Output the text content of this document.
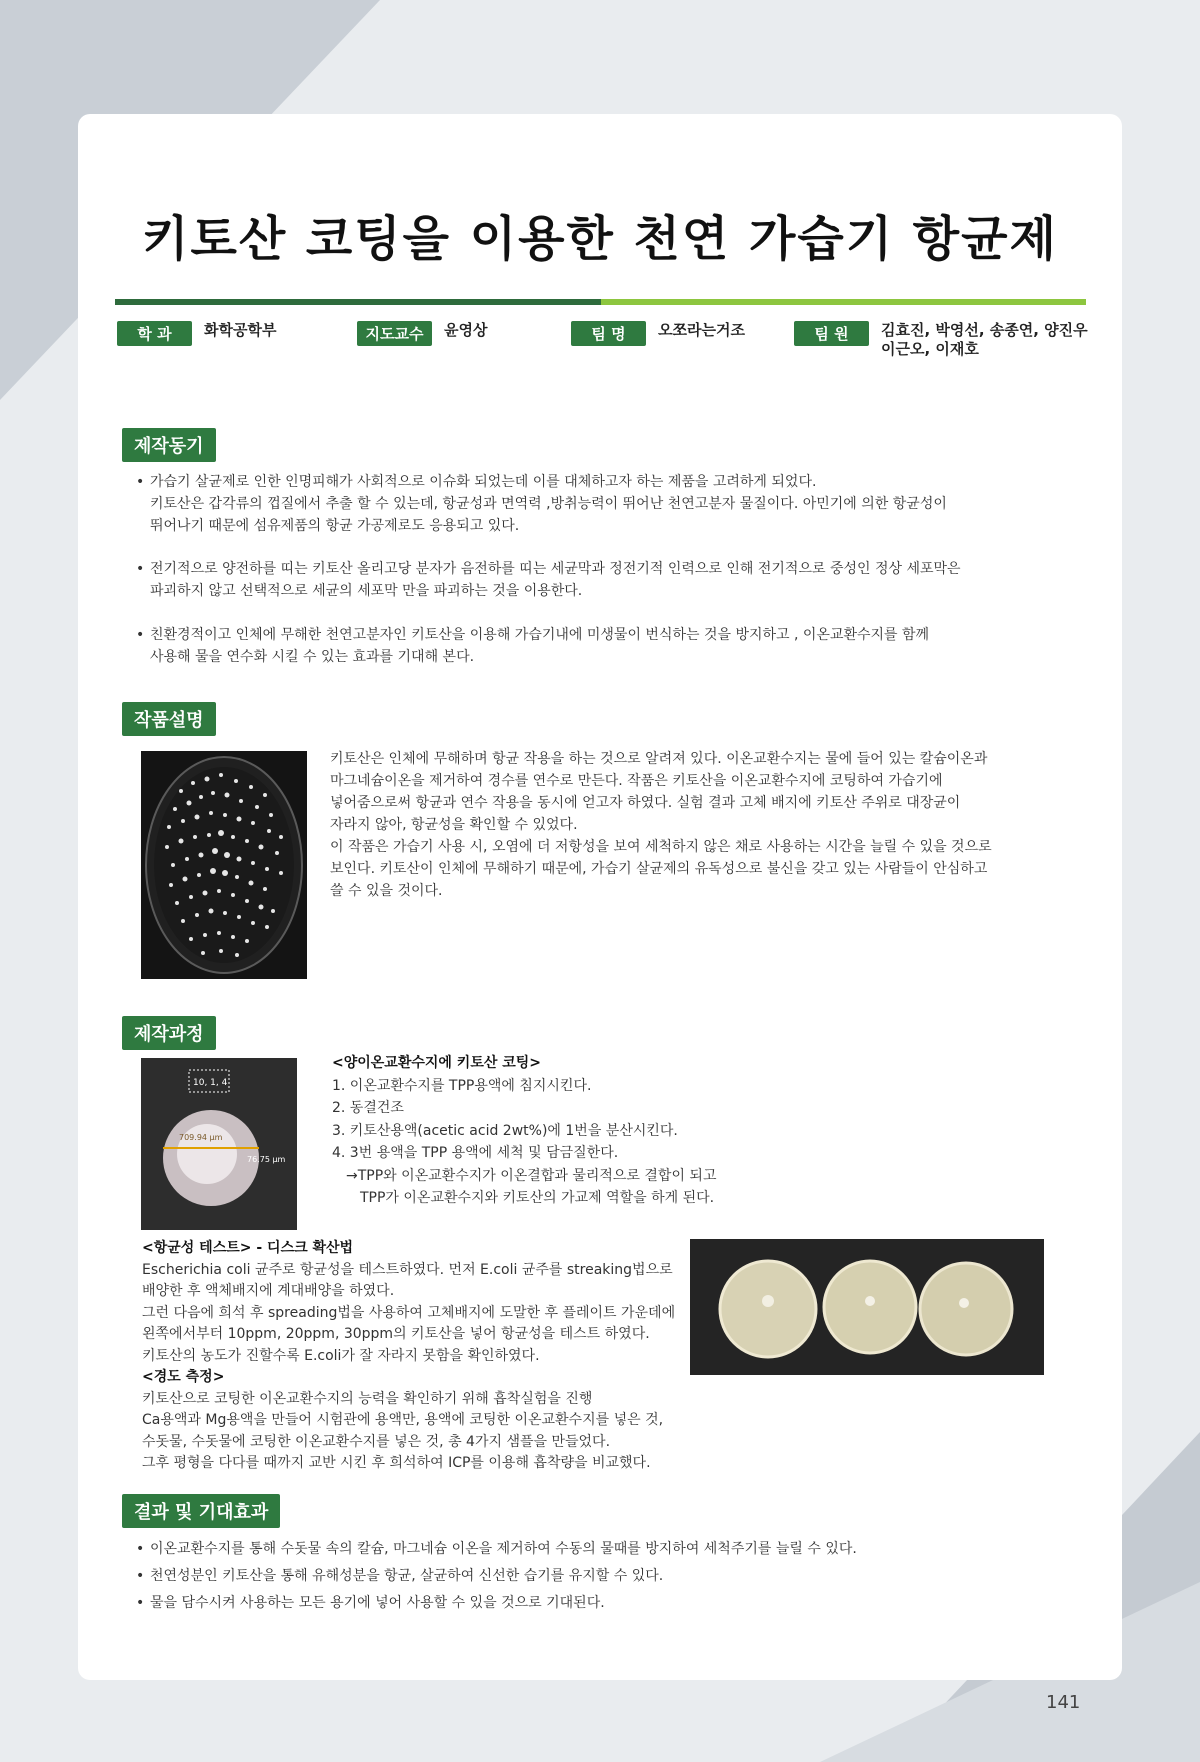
키토산 코팅을 이용한 천연 가습기 항균제
학 과 화학공학부	지도교수 윤영상	팀 명 오쪼라는거조	팀 원 김효진, 박영선, 송종연, 양진우
이근오, 이재호
제작동기
• 가습기 살균제로 인한 인명피해가 사회적으로 이슈화 되었는데 이를 대체하고자 하는 제품을 고려하게 되었다.
키토산은 갑각류의 껍질에서 추출 할 수 있는데, 항균성과 면역력 ,방취능력이 뛰어난 천연고분자 물질이다. 아민기에 의한 항균성이
뛰어나기 때문에 섬유제품의 항균 가공제로도 응용되고 있다.
• 전기적으로 양전하를 띠는 키토산 올리고당 분자가 음전하를 띠는 세균막과 정전기적 인력으로 인해 전기적으로 중성인 정상 세포막은
파괴하지 않고 선택적으로 세균의 세포막 만을 파괴하는 것을 이용한다.
• 친환경적이고 인체에 무해한 천연고분자인 키토산을 이용해 가습기내에 미생물이 번식하는 것을 방지하고 , 이온교환수지를 함께
사용해 물을 연수화 시킬 수 있는 효과를 기대해 본다.
작품설명
키토산은 인체에 무해하며 항균 작용을 하는 것으로 알려져 있다. 이온교환수지는 물에 들어 있는 칼슘이온과
마그네슘이온을 제거하여 경수를 연수로 만든다. 작품은 키토산을 이온교환수지에 코팅하여 가습기에
넣어줌으로써 항균과 연수 작용을 동시에 얻고자 하였다. 실험 결과 고체 배지에 키토산 주위로 대장균이
자라지 않아, 항균성을 확인할 수 있었다.
이 작품은 가습기 사용 시, 오염에 더 저항성을 보여 세척하지 않은 채로 사용하는 시간을 늘릴 수 있을 것으로
보인다. 키토산이 인체에 무해하기 때문에, 가습기 살균제의 유독성으로 불신을 갖고 있는 사람들이 안심하고
쓸 수 있을 것이다.
제작과정
10, 1, 4
709.94 μm
76.75 μm
<양이온교환수지에 키토산 코팅>
1. 이온교환수지를 TPP용액에 침지시킨다.
2. 동결건조
3. 키토산용액(acetic acid 2wt%)에 1번을 분산시킨다.
4. 3번 용액을 TPP 용액에 세척 및 담금질한다.
→TPP와 이온교환수지가 이온결합과 물리적으로 결합이 되고
TPP가 이온교환수지와 키토산의 가교제 역할을 하게 된다.
<항균성 테스트> - 디스크 확산법
Escherichia coli 균주로 항균성을 테스트하였다. 먼저 E.coli 균주를 streaking법으로
배양한 후 액체배지에 계대배양을 하였다.
그런 다음에 희석 후 spreading법을 사용하여 고체배지에 도말한 후 플레이트 가운데에
왼쪽에서부터 10ppm, 20ppm, 30ppm의 키토산을 넣어 항균성을 테스트 하였다.
키토산의 농도가 진할수록 E.coli가 잘 자라지 못함을 확인하였다.
<경도 측정>
키토산으로 코팅한 이온교환수지의 능력을 확인하기 위해 흡착실험을 진행
Ca용액과 Mg용액을 만들어 시험관에 용액만, 용액에 코팅한 이온교환수지를 넣은 것,
수돗물, 수돗물에 코팅한 이온교환수지를 넣은 것, 총 4가지 샘플을 만들었다.
그후 평형을 다다를 때까지 교반 시킨 후 희석하여 ICP를 이용해 흡착량을 비교했다.
결과 및 기대효과
• 이온교환수지를 통해 수돗물 속의 칼슘, 마그네슘 이온을 제거하여 수동의 물때를 방지하여 세척주기를 늘릴 수 있다.
• 천연성분인 키토산을 통해 유해성분을 항균, 살균하여 신선한 습기를 유지할 수 있다.
• 물을 담수시켜 사용하는 모든 용기에 넣어 사용할 수 있을 것으로 기대된다.
141
